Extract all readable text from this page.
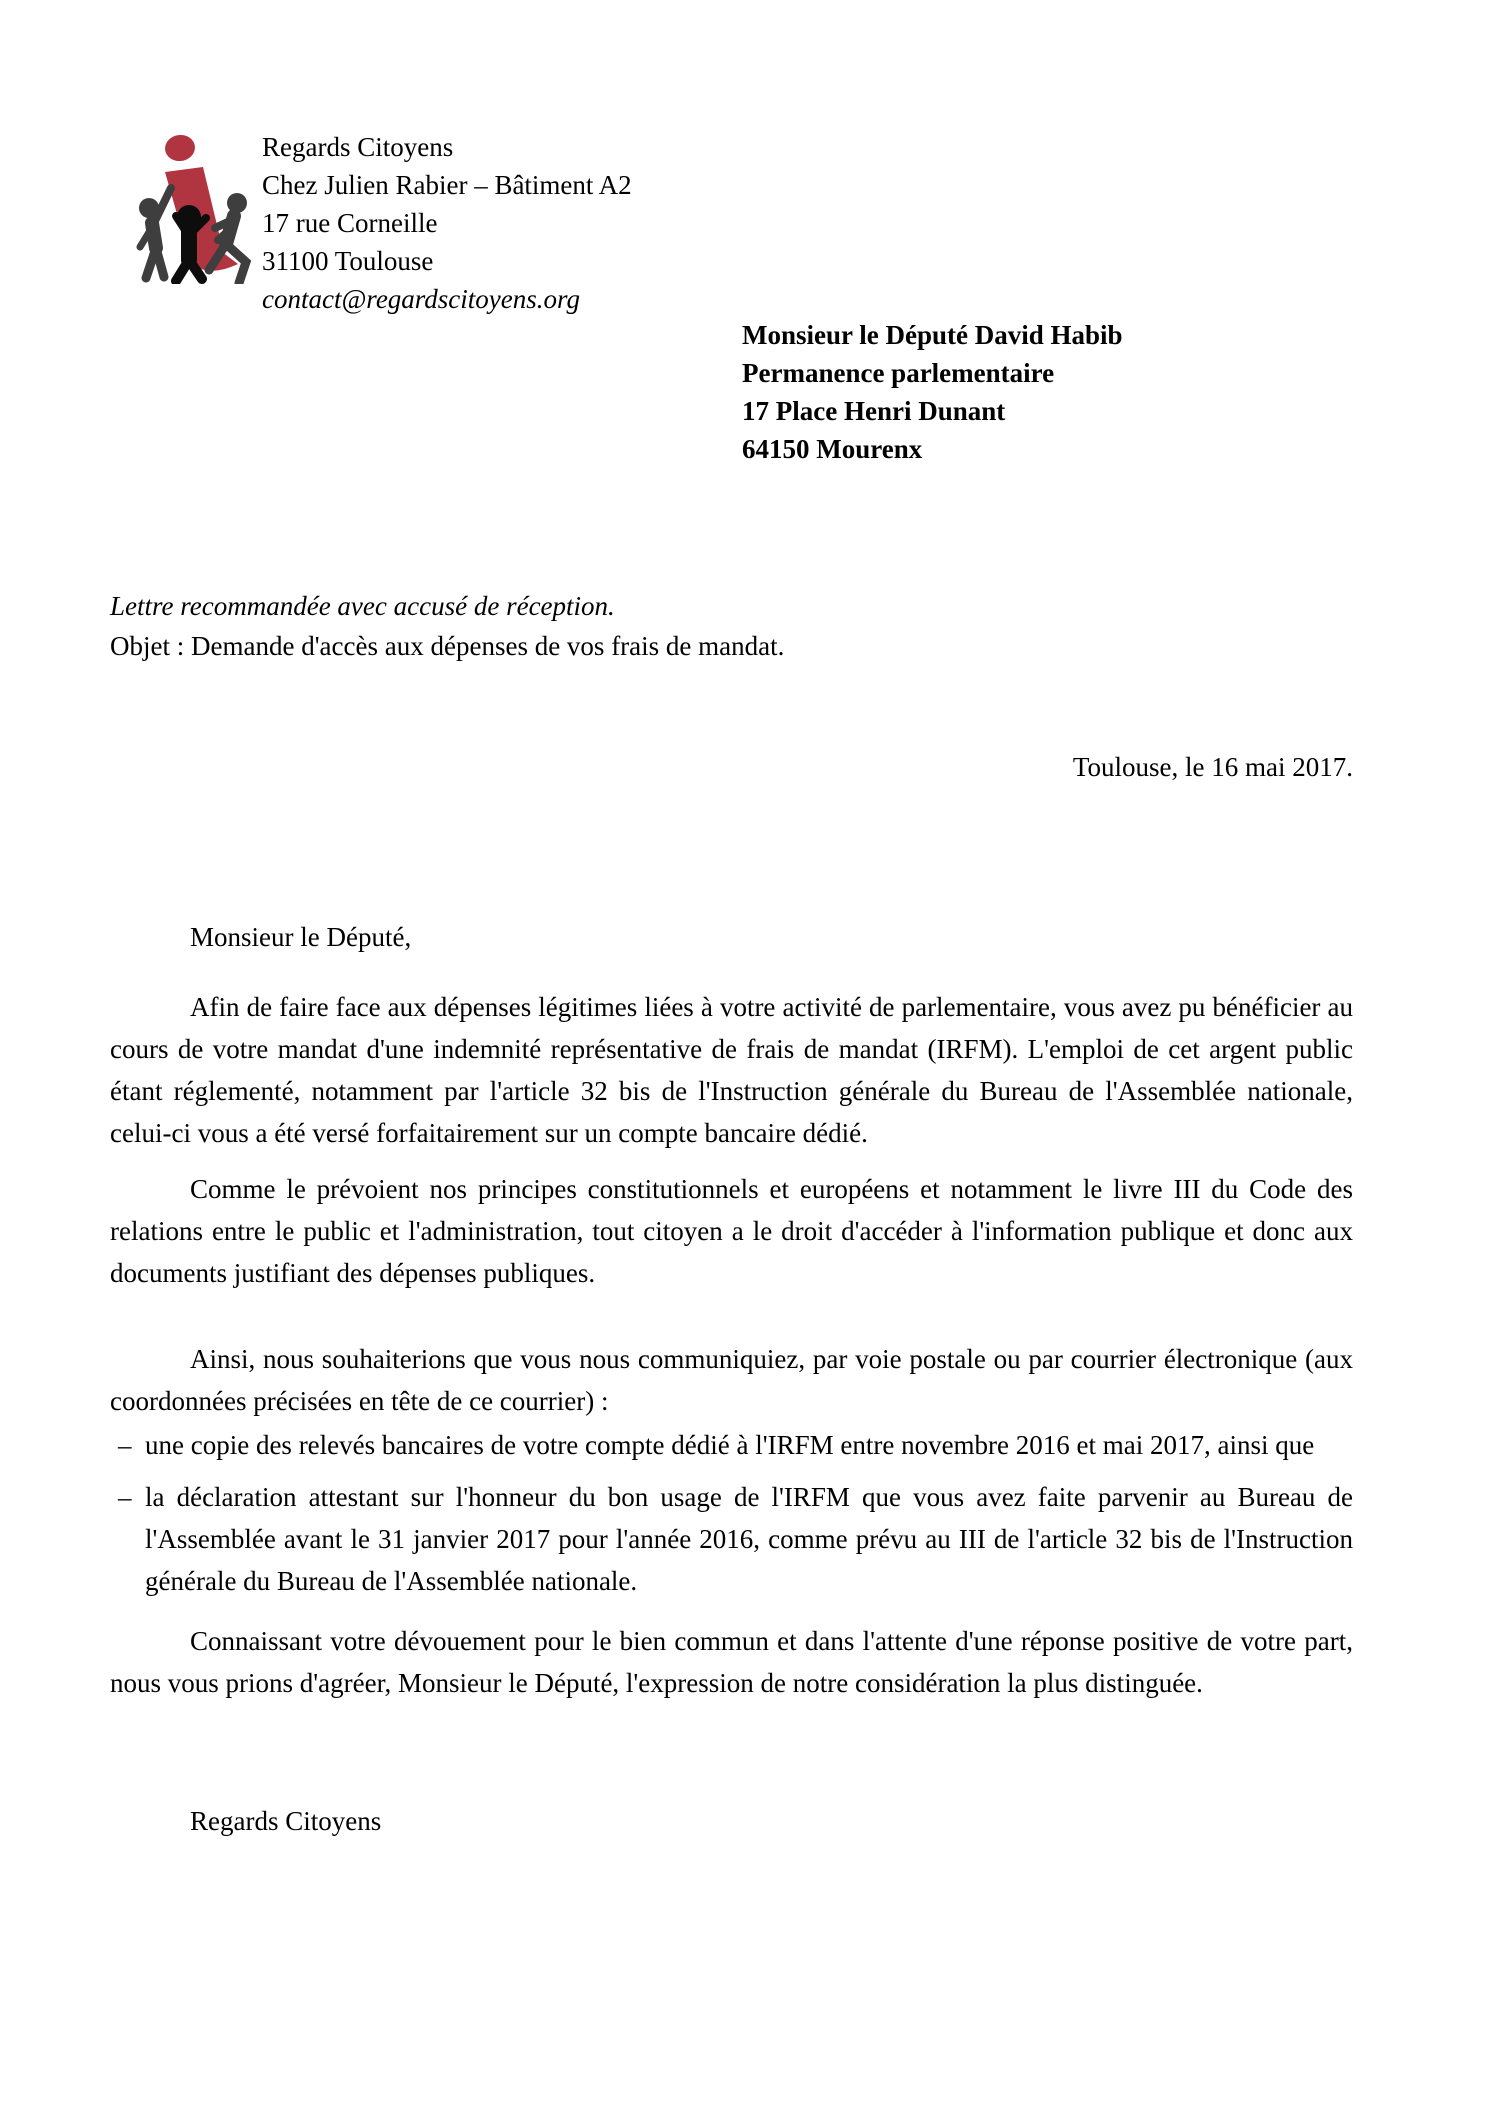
Regards Citoyens
Chez Julien Rabier – Bâtiment A2
17 rue Corneille
31100 Toulouse
contact@regardscitoyens.org
Monsieur le Député David Habib
Permanence parlementaire
17 Place Henri Dunant
64150 Mourenx
Lettre recommandée avec accusé de réception.
Objet : Demande d'accès aux dépenses de vos frais de mandat.
Toulouse, le 16 mai 2017.
Monsieur le Député,
Afin de faire face aux dépenses légitimes liées à votre activité de parlementaire, vous avez pu bénéficier au cours de votre mandat d'une indemnité représentative de frais de mandat (IRFM). L'emploi de cet argent public étant réglementé, notamment par l'article 32 bis de l'Instruction générale du Bureau de l'Assemblée nationale, celui-ci vous a été versé forfaitairement sur un compte bancaire dédié.
Comme le prévoient nos principes constitutionnels et européens et notamment le livre III du Code des relations entre le public et l'administration, tout citoyen a le droit d'accéder à l'information publique et donc aux documents justifiant des dépenses publiques.
Ainsi, nous souhaiterions que vous nous communiquiez, par voie postale ou par courrier électronique (aux coordonnées précisées en tête de ce courrier) :
– une copie des relevés bancaires de votre compte dédié à l'IRFM entre novembre 2016 et mai 2017, ainsi que
– la déclaration attestant sur l'honneur du bon usage de l'IRFM que vous avez faite parvenir au Bureau de l'Assemblée avant le 31 janvier 2017 pour l'année 2016, comme prévu au III de l'article 32 bis de l'Instruction générale du Bureau de l'Assemblée nationale.
Connaissant votre dévouement pour le bien commun et dans l'attente d'une réponse positive de votre part, nous vous prions d'agréer, Monsieur le Député, l'expression de notre considération la plus distinguée.
Regards Citoyens
